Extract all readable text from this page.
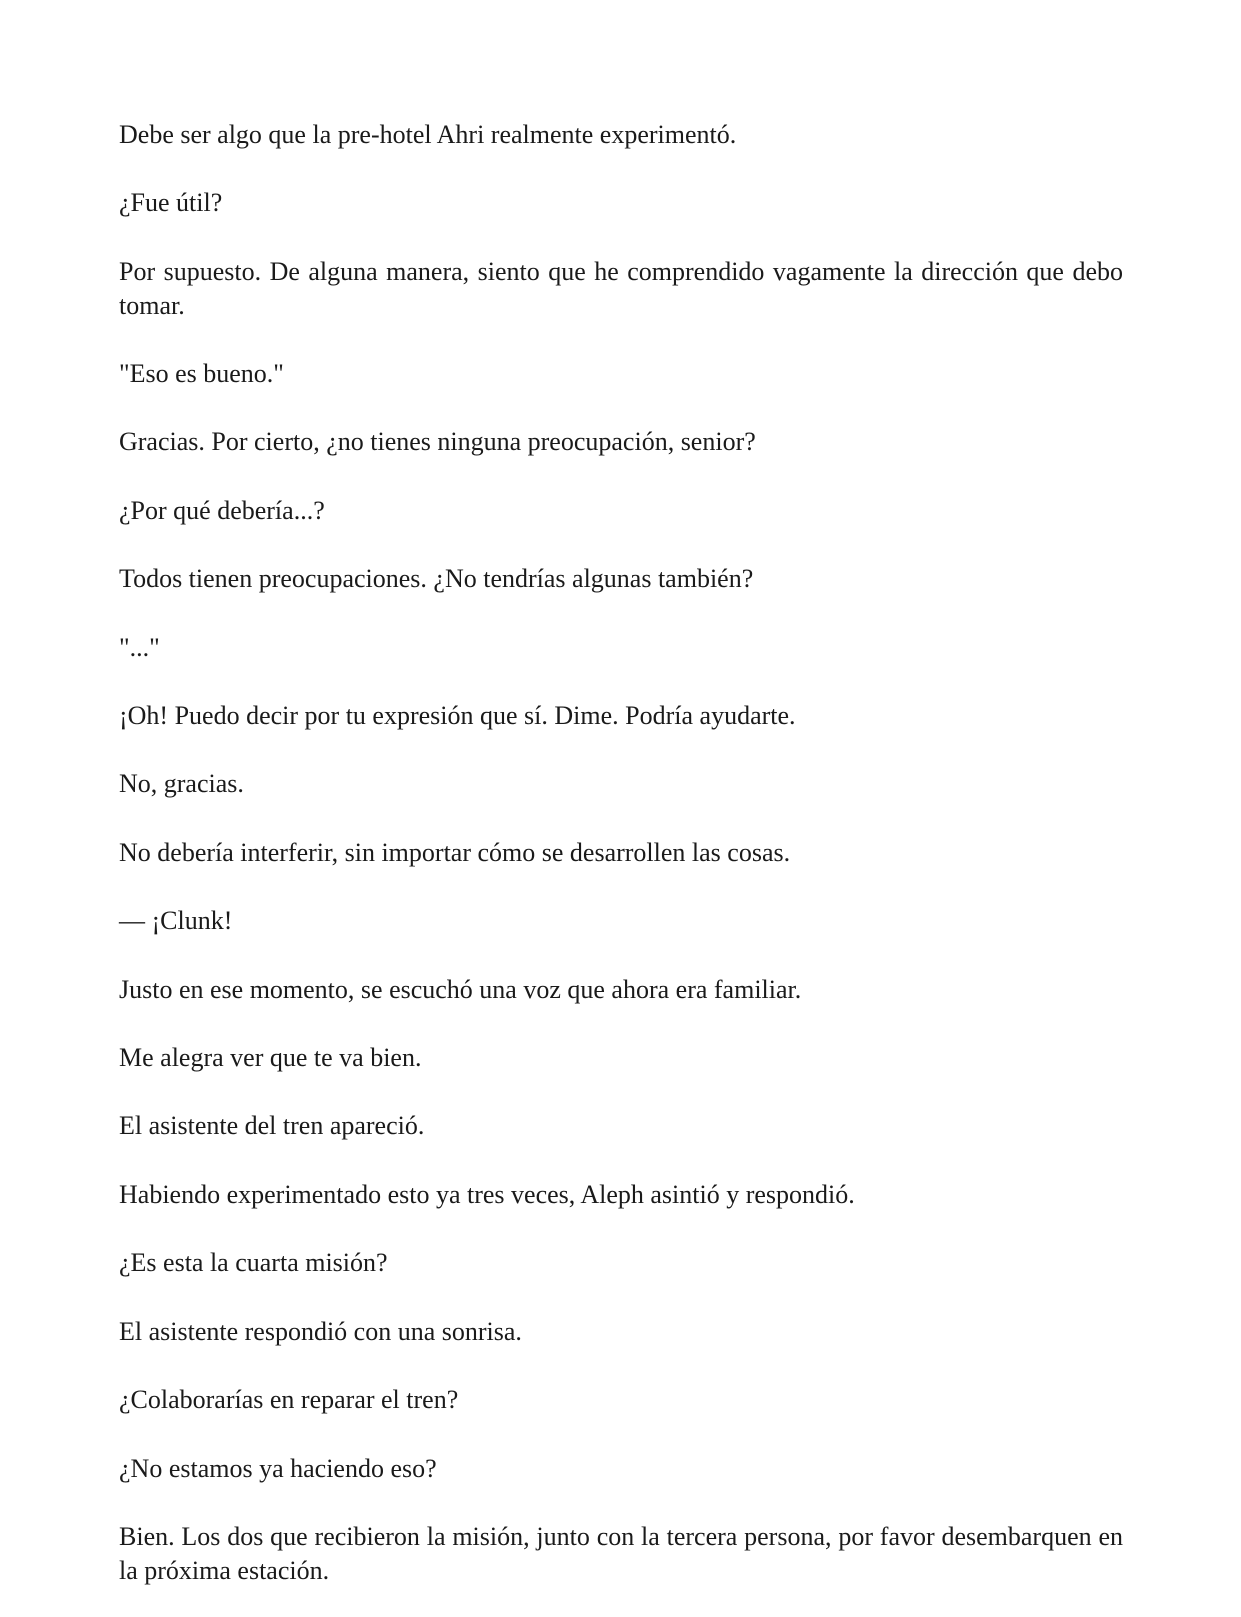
Debe ser algo que la pre-hotel Ahri realmente experimentó.

¿Fue útil?

Por supuesto. De alguna manera, siento que he comprendido vagamente la dirección que debo tomar.

"Eso es bueno."

Gracias. Por cierto, ¿no tienes ninguna preocupación, senior?

¿Por qué debería...?

Todos tienen preocupaciones. ¿No tendrías algunas también?

"..."

¡Oh! Puedo decir por tu expresión que sí. Dime. Podría ayudarte.

No, gracias.

No debería interferir, sin importar cómo se desarrollen las cosas.

— ¡Clunk!

Justo en ese momento, se escuchó una voz que ahora era familiar.

Me alegra ver que te va bien.

El asistente del tren apareció.

Habiendo experimentado esto ya tres veces, Aleph asintió y respondió.

¿Es esta la cuarta misión?

El asistente respondió con una sonrisa.

¿Colaborarías en reparar el tren?

¿No estamos ya haciendo eso?

Bien. Los dos que recibieron la misión, junto con la tercera persona, por favor desembarquen en la próxima estación.
